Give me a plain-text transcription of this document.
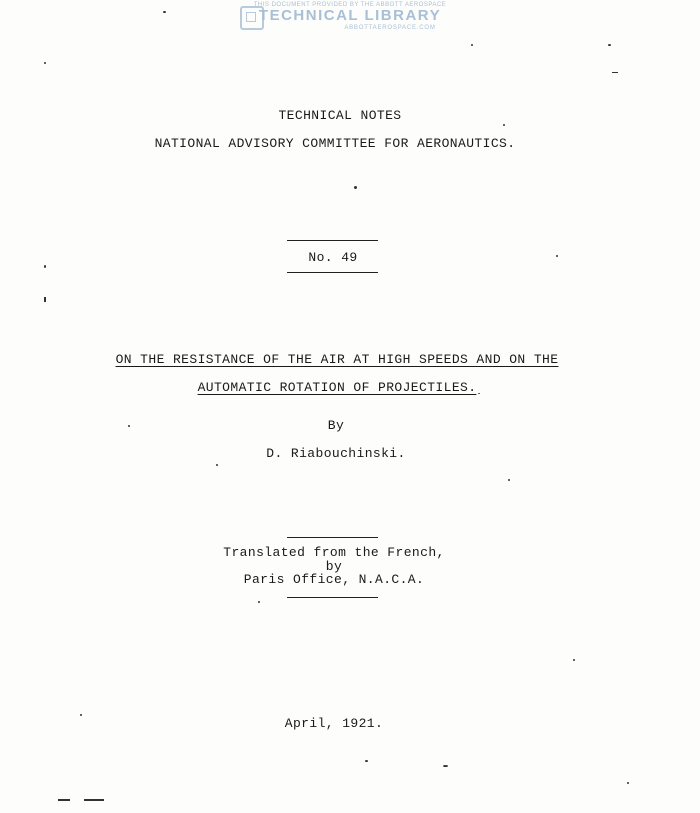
THIS DOCUMENT PROVIDED BY THE ABBOTT AEROSPACE
TECHNICAL LIBRARY
ABBOTTAEROSPACE.COM
TECHNICAL NOTES
NATIONAL ADVISORY COMMITTEE FOR AERONAUTICS.
No. 49
ON THE RESISTANCE OF THE AIR AT HIGH SPEEDS AND ON THE
AUTOMATIC ROTATION OF PROJECTILES.
By
D. Riabouchinski.
Translated from the French,
by
Paris Office, N.A.C.A.
April, 1921.
